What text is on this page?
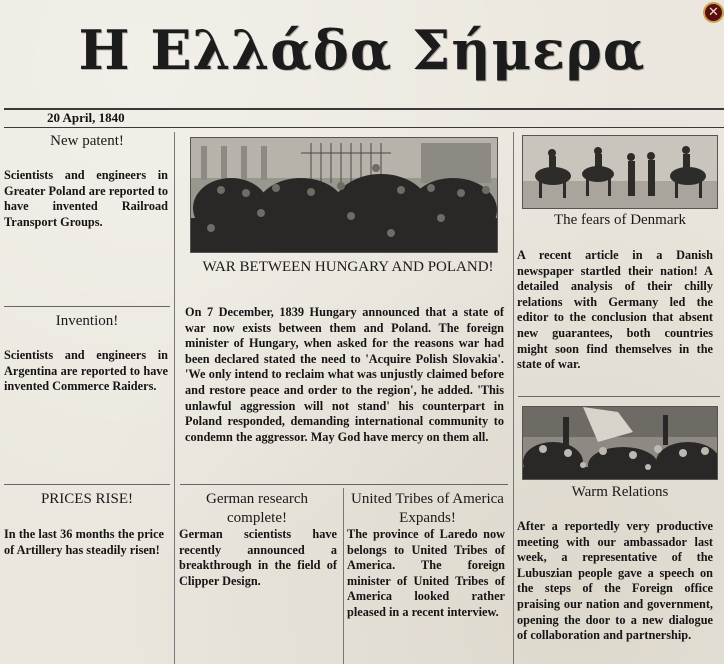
✕
Η Ελλάδα Σήμερα
20 April, 1840
New patent!
Scientists and engineers in Greater Poland are reported to have invented Railroad Transport Groups.
Invention!
Scientists and engineers in Argentina are reported to have invented Commerce Raiders.
PRICES RISE!
In the last 36 months the price of Artillery has steadily risen!
WAR BETWEEN HUNGARY AND POLAND!
On 7 December, 1839 Hungary announced that a state of war now exists between them and Poland. The foreign minister of Hungary, when asked for the reasons war had been declared stated the need to 'Acquire Polish Slovakia'. 'We only intend to reclaim what was unjustly claimed before and restore peace and order to the region', he added. 'This unlawful aggression will not stand' his counterpart in Poland responded, demanding international community to condemn the aggressor. May God have mercy on them all.
German research complete!
German scientists have recently announced a breakthrough in the field of Clipper Design.
United Tribes of America Expands!
The province of Laredo now belongs to United Tribes of America. The foreign minister of United Tribes of America looked rather pleased in a recent interview.
The fears of Denmark
A recent article in a Danish newspaper startled their nation! A detailed analysis of their chilly relations with Germany led the editor to the conclusion that absent new guarantees, both countries might soon find themselves in the state of war.
Warm Relations
After a reportedly very productive meeting with our ambassador last week, a representative of the Lubuszian people gave a speech on the steps of the Foreign office praising our nation and government, opening the door to a new dialogue of collaboration and partnership.
